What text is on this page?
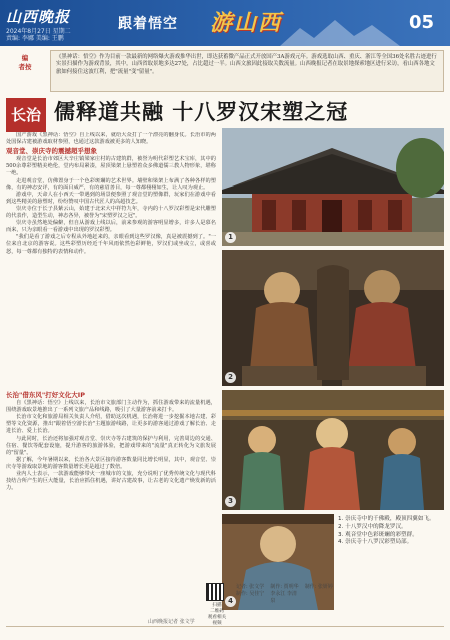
山西晚报
2024年8月27日 星期二
责编: 李娜 美编: 王鹏
跟着悟空 游山西	05
编
者按
《黑神话：悟空》作为目前一款最新的网络爆火游戏推华出世，即达获蓄微产品正式开放国产3A游戏元年。游戏选取山西、重庆、浙江等全国36处名胜古迹进行实景扫描作为游戏背景，其中，山西省取景地多达27处，占比超过一半。山西文旅因此接取关数流量。山西晚报记者在取景地探索地区进行采访，看山西各地文旅如何接住这波红利，把"流量"变"留量"。
长治 儒释道共融 十八罗汉宋塑之冠

国产游戏《黑神话：悟空》自上线以来，就给大众打了一个漂亮的翻身仗。长治市的两处国保古建被游戏取材参照，也通过这款游戏被更多的人知晓。

观音堂、崇庆寺的震撼超乎想象

观音堂是长治市郊区大辛庄镇梁家庄村的古建筑群，被誉为明代彩塑艺术宝库，其中的500余尊彩塑精美绝伦，堂内布局紧凑，屋顶梁架上悬塑着众多佛道儒三教人物形象，堪称一绝。

走进观音堂，仿佛置身于一个色彩斑斓的艺术世界。墙壁和梁架上布满了各种各样的塑像，有的神态安详，有的面目威严，有的慈眉善目，每一尊都栩栩如生，让人叹为观止。

游戏中，天命人在小西天一带遇到的场景便参照了观音堂的塑像群，玩家们在游戏中看到这些精美的悬塑时，纷纷赞叹中国古代匠人的高超技艺。

崇庆寺位于长子县紫云山，始建于北宋大中祥符九年，寺内的十八罗汉彩塑是宋代雕塑的代表作，造型生动，神态各异，被誉为"宋塑罗汉之冠"。

崇庆寺虽然地处偏僻，但自从游戏上线以后，前来参观的游客明显增多，许多人是慕名而来，只为亲眼看一看游戏中出现的罗汉彩塑。

"我们是看了游戏之后专程从外地赶来的，亲眼看到这些罗汉像，真是被震撼到了。"一位来自北京的游客说。这些彩塑历经近千年风雨依然色彩鲜艳，罗汉们或坐或立，或喜或怒，每一尊都有独特的表情和动作。

长治"借东风"打好文化大IP

自《黑神话：悟空》上线以来，长治市文旅部门主动作为，抓住游戏带来的流量机遇，围绕游戏取景地推出了一系列文旅产品和线路，吸引了大量游客前来打卡。

长治市文化和旅游局相关负责人介绍，借助这次机遇，长治将进一步挖掘本地古建、彩塑等文化资源，推出"跟着悟空游长治"主题旅游线路，让更多的游客通过游戏了解长治、走进长治、爱上长治。

与此同时，长治还将加强对观音堂、崇庆寺等古建筑的保护与利用，完善周边的交通、住宿、餐饮等配套设施，提升游客的旅游体验，把游戏带来的"流量"真正转化为文旅发展的"留量"。

据了解，今年暑期以来，长治各大景区接待游客数量同比增长明显，其中，观音堂、崇庆寺等游戏取景地的游客数量增长更是超过了数倍。

业内人士表示，一款游戏能够带火一座城市的文旅，充分说明了优秀传统文化与现代科技结合所产生的巨大能量，长治应抓住机遇，讲好古建故事，让古老的文化遗产焕发新的活力。

1
2
3
4
1. 崇庆寺中的千佛殿，殿顶四翼如飞。
2. 十八罗汉中的降龙罗汉。
3. 观音堂中色彩斑斓的彩塑群。
4. 崇庆寺十八罗汉彩塑局部。
扫描
二维码
观看相关
视频
记者: 张文学
制作: 吴佳宁
制作: 贾明华
李永江 李清泉
制作: 张妍婷
山西晚报记者 张文学
